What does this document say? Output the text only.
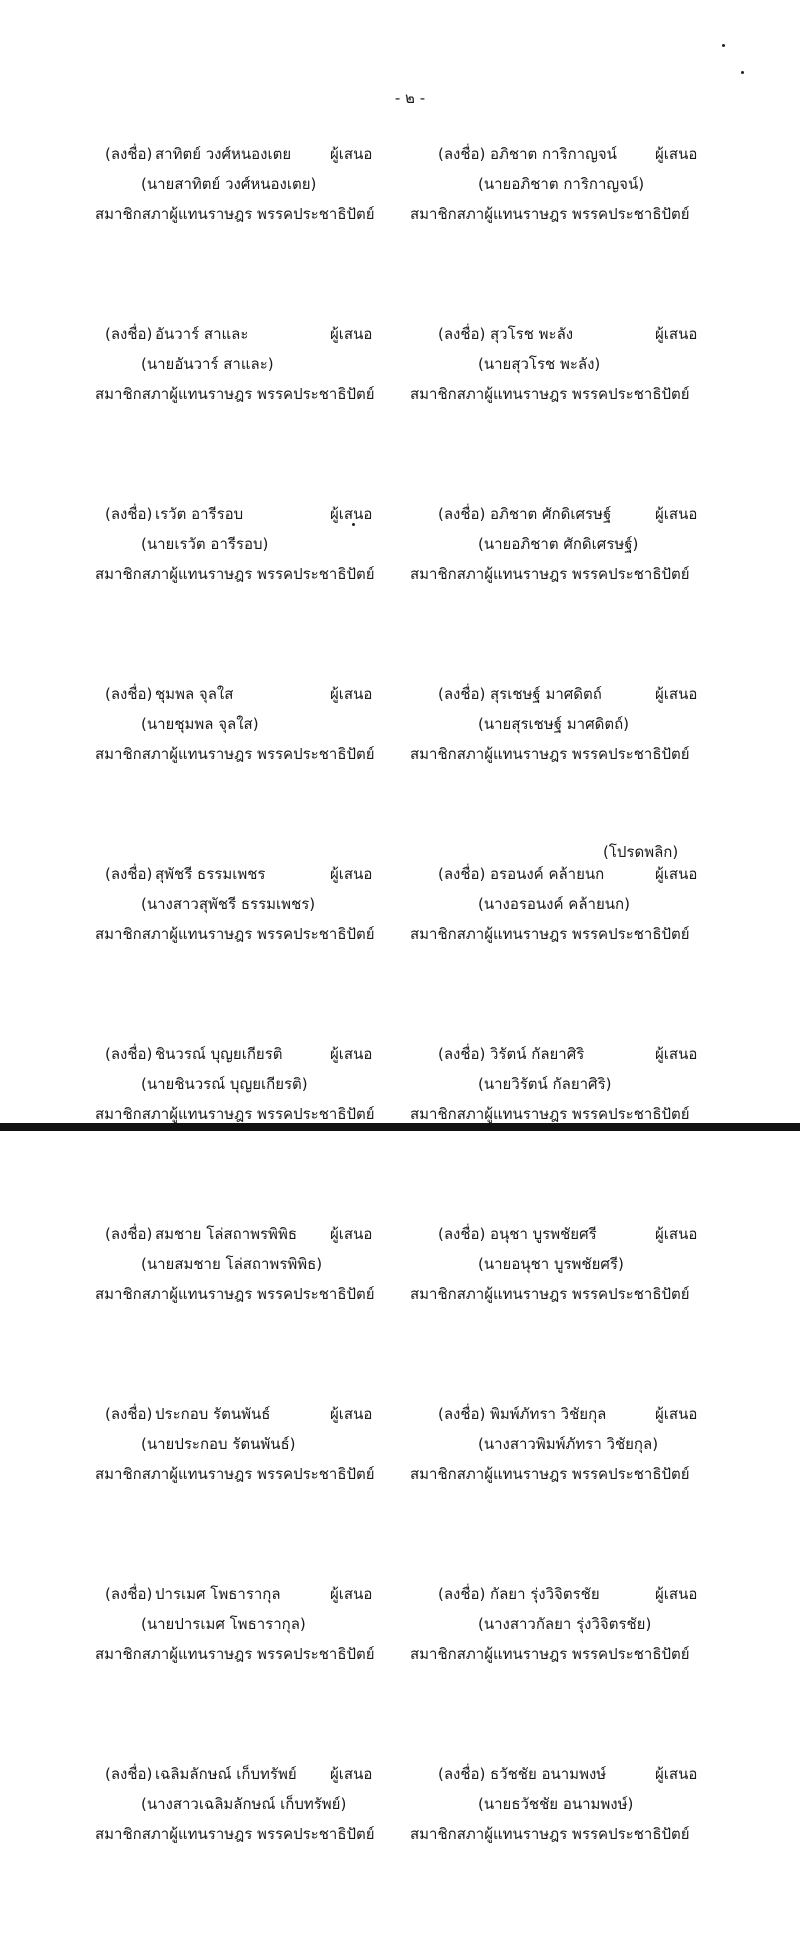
- ๒ -
(ลงชื่อ) สาทิตย์ วงศ์หนองเตย	ผู้เสนอ
(นายสาทิตย์ วงศ์หนองเตย)
สมาชิกสภาผู้แทนราษฎร พรรคประชาธิปัตย์
(ลงชื่อ) อันวาร์ สาและ	ผู้เสนอ
(นายอันวาร์ สาและ)
สมาชิกสภาผู้แทนราษฎร พรรคประชาธิปัตย์
(ลงชื่อ) เรวัต อารีรอบ	ผู้เสนอ
(นายเรวัต อารีรอบ)
สมาชิกสภาผู้แทนราษฎร พรรคประชาธิปัตย์
(ลงชื่อ) ชุมพล จุลใส	ผู้เสนอ
(นายชุมพล จุลใส)
สมาชิกสภาผู้แทนราษฎร พรรคประชาธิปัตย์
(ลงชื่อ) สุพัชรี ธรรมเพชร	ผู้เสนอ
(นางสาวสุพัชรี ธรรมเพชร)
สมาชิกสภาผู้แทนราษฎร พรรคประชาธิปัตย์
(ลงชื่อ) ชินวรณ์ บุญยเกียรติ	ผู้เสนอ
(นายชินวรณ์ บุญยเกียรติ)
สมาชิกสภาผู้แทนราษฎร พรรคประชาธิปัตย์
(ลงชื่อ) สมชาย โล่สถาพรพิพิธ ผู้เสนอ
(นายสมชาย โล่สถาพรพิพิธ)
สมาชิกสภาผู้แทนราษฎร พรรคประชาธิปัตย์
(ลงชื่อ) ประกอบ รัตนพันธ์	ผู้เสนอ
(นายประกอบ รัตนพันธ์)
สมาชิกสภาผู้แทนราษฎร พรรคประชาธิปัตย์
(ลงชื่อ) ปารเมศ โพธารากุล	ผู้เสนอ
(นายปารเมศ โพธารากุล)
สมาชิกสภาผู้แทนราษฎร พรรคประชาธิปัตย์
(ลงชื่อ) เฉลิมลักษณ์ เก็บทรัพย์ ผู้เสนอ
(นางสาวเฉลิมลักษณ์ เก็บทรัพย์)
สมาชิกสภาผู้แทนราษฎร พรรคประชาธิปัตย์
(ลงชื่อ) อภิชาต การิกาญจน์	ผู้เสนอ
(นายอภิชาต การิกาญจน์)
สมาชิกสภาผู้แทนราษฎร พรรคประชาธิปัตย์
(ลงชื่อ) สุวโรช พะลัง	ผู้เสนอ
(นายสุวโรช พะลัง)
สมาชิกสภาผู้แทนราษฎร พรรคประชาธิปัตย์
(ลงชื่อ) อภิชาต ศักดิเศรษฐ์	ผู้เสนอ
(นายอภิชาต ศักดิเศรษฐ์)
สมาชิกสภาผู้แทนราษฎร พรรคประชาธิปัตย์
(ลงชื่อ) สุรเชษฐ์ มาศดิตถ์	ผู้เสนอ
(นายสุรเชษฐ์ มาศดิตถ์)
สมาชิกสภาผู้แทนราษฎร พรรคประชาธิปัตย์
(ลงชื่อ) อรอนงค์ คล้ายนก	ผู้เสนอ
(นางอรอนงค์ คล้ายนก)
สมาชิกสภาผู้แทนราษฎร พรรคประชาธิปัตย์
(ลงชื่อ) วิรัตน์ กัลยาศิริ	ผู้เสนอ
(นายวิรัตน์ กัลยาศิริ)
สมาชิกสภาผู้แทนราษฎร พรรคประชาธิปัตย์
(ลงชื่อ) อนุชา บูรพชัยศรี	ผู้เสนอ
(นายอนุชา บูรพชัยศรี)
สมาชิกสภาผู้แทนราษฎร พรรคประชาธิปัตย์
(ลงชื่อ) พิมพ์ภัทรา วิชัยกุล	ผู้เสนอ
(นางสาวพิมพ์ภัทรา วิชัยกุล)
สมาชิกสภาผู้แทนราษฎร พรรคประชาธิปัตย์
(ลงชื่อ) กัลยา รุ่งวิจิตรชัย	ผู้เสนอ
(นางสาวกัลยา รุ่งวิจิตรชัย)
สมาชิกสภาผู้แทนราษฎร พรรคประชาธิปัตย์
(ลงชื่อ) ธวัชชัย อนามพงษ์	ผู้เสนอ
(นายธวัชชัย อนามพงษ์)
สมาชิกสภาผู้แทนราษฎร พรรคประชาธิปัตย์
(โปรดพลิก)
